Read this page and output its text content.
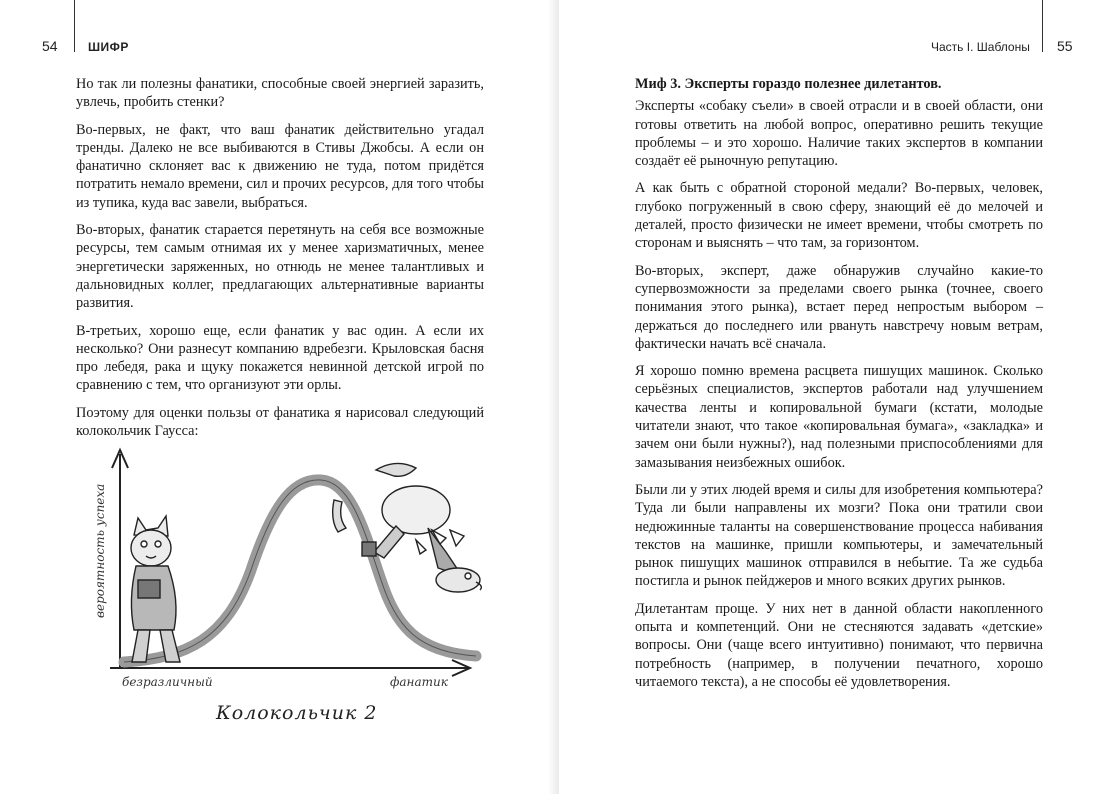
54	ШИФР

Но так ли полезны фанатики, способные своей энергией заразить, увлечь, пробить стенки?

Во-первых, не факт, что ваш фанатик действительно угадал тренды. Далеко не все выбиваются в Стивы Джобсы. А если он фанатично склоняет вас к движению не туда, потом придётся потратить немало времени, сил и прочих ресурсов, для того чтобы из тупика, куда вас завели, выбраться.

Во-вторых, фанатик старается перетянуть на себя все возможные ресурсы, тем самым отнимая их у менее харизматичных, менее энергетически заряженных, но отнюдь не менее талантливых и дальновидных коллег, предлагающих альтернативные варианты развития.

В-третьих, хорошо еще, если фанатик у вас один. А если их несколько? Они разнесут компанию вдребезги. Крыловская басня про лебедя, рака и щуку покажется невинной детской игрой по сравнению с тем, что организуют эти орлы.

Поэтому для оценки пользы от фанатика я нарисовал следующий колокольчик Гаусса:

вероятность успеха
безразличный	фанатик
Колокольчик 2
Часть I. Шаблоны 55

Миф 3. Эксперты гораздо полезнее дилетантов.

Эксперты «собаку съели» в своей отрасли и в своей области, они готовы ответить на любой вопрос, оперативно решить текущие проблемы – и это хорошо. Наличие таких экспертов в компании создаёт её рыночную репутацию.

А как быть с обратной стороной медали? Во-первых, человек, глубоко погруженный в свою сферу, знающий её до мелочей и деталей, просто физически не имеет времени, чтобы смотреть по сторонам и выяснять – что там, за горизонтом.

Во-вторых, эксперт, даже обнаружив случайно какие-то супервозможности за пределами своего рынка (точнее, своего понимания этого рынка), встает перед непростым выбором – держаться до последнего или рвануть навстречу новым ветрам, фактически начать всё сначала.

Я хорошо помню времена расцвета пишущих машинок. Сколько серьёзных специалистов, экспертов работали над улучшением качества ленты и копировальной бумаги (кстати, молодые читатели знают, что такое «копировальная бумага», «закладка» и зачем они были нужны?), над полезными приспособлениями для замазывания неизбежных ошибок.

Были ли у этих людей время и силы для изобретения компьютера? Туда ли были направлены их мозги? Пока они тратили свои недюжинные таланты на совершенствование процесса набивания текстов на машинке, пришли компьютеры, и замечательный рынок пишущих машинок отправился в небытие. Та же судьба постигла и рынок пейджеров и много всяких других рынков.

Дилетантам проще. У них нет в данной области накопленного опыта и компетенций. Они не стесняются задавать «детские» вопросы. Они (чаще всего интуитивно) понимают, что первична потребность (например, в получении печатного, хорошо читаемого текста), а не способы её удовлетворения.
